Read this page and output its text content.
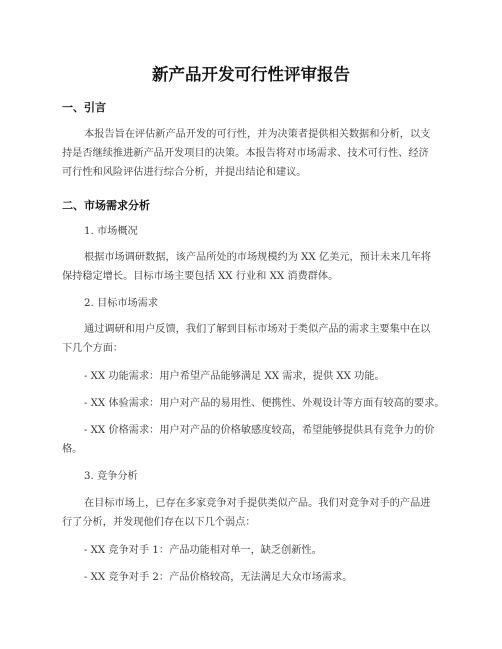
新产品开发可行性评审报告
一、引言
本报告旨在评估新产品开发的可行性，并为决策者提供相关数据和分析，以支
持是否继续推进新产品开发项目的决策。本报告将对市场需求、技术可行性、经济
可行性和风险评估进行综合分析，并提出结论和建议。
二、市场需求分析
1. 市场概况
根据市场调研数据，该产品所处的市场规模约为 XX 亿美元，预计未来几年将
保持稳定增长。目标市场主要包括 XX 行业和 XX 消费群体。
2. 目标市场需求
通过调研和用户反馈，我们了解到目标市场对于类似产品的需求主要集中在以
下几个方面：
- XX 功能需求：用户希望产品能够满足 XX 需求，提供 XX 功能。
- XX 体验需求：用户对产品的易用性、便携性、外观设计等方面有较高的要求。
- XX 价格需求：用户对产品的价格敏感度较高，希望能够提供具有竞争力的价
格。
3. 竞争分析
在目标市场上，已存在多家竞争对手提供类似产品。我们对竞争对手的产品进
行了分析，并发现他们存在以下几个弱点：
- XX 竞争对手 1：产品功能相对单一，缺乏创新性。
- XX 竞争对手 2：产品价格较高，无法满足大众市场需求。
